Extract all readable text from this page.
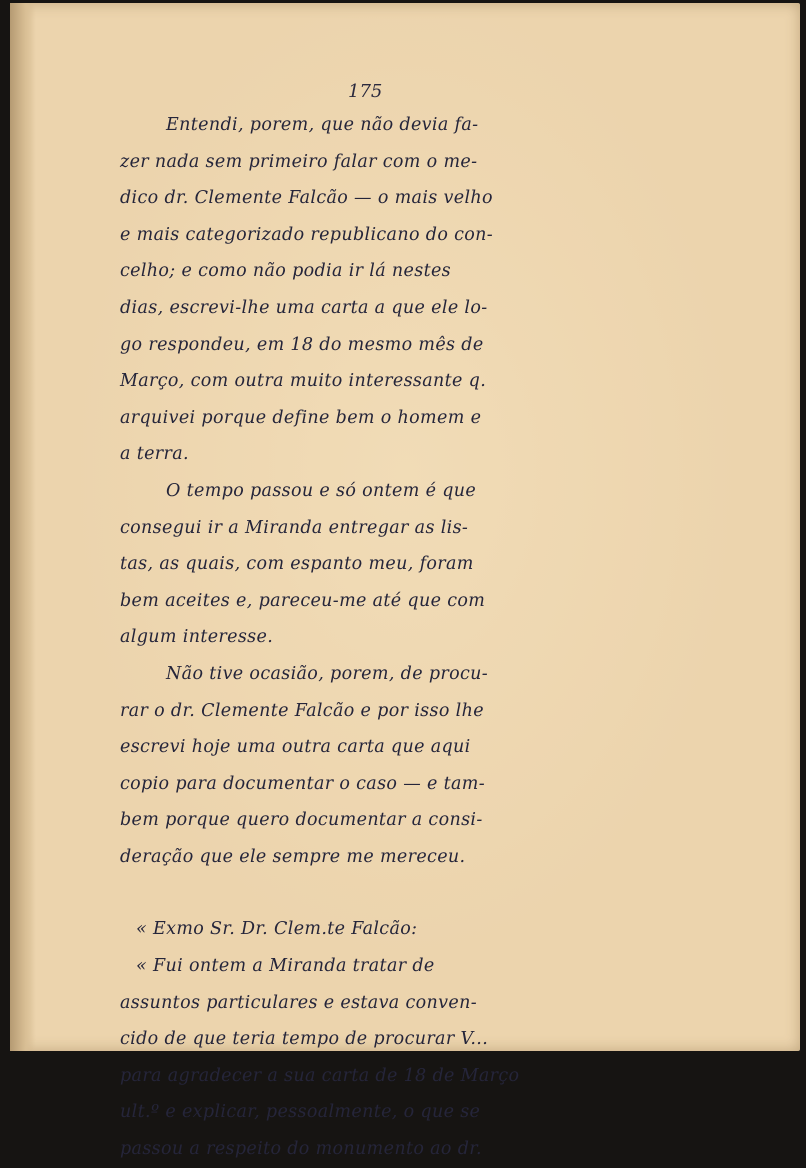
175
Entendi, porem, que não devia fa-
zer nada sem primeiro falar com o me-
dico dr. Clemente Falcão — o mais velho
e mais categorizado republicano do con-
celho; e como não podia ir lá nestes
dias, escrevi-lhe uma carta a que ele lo-
go respondeu, em 18 do mesmo mês de
Março, com outra muito interessante q.
arquivei porque define bem o homem e
a terra.
O tempo passou e só ontem é que
consegui ir a Miranda entregar as lis-
tas, as quais, com espanto meu, foram
bem aceites e, pareceu-me até que com
algum interesse.
Não tive ocasião, porem, de procu-
rar o dr. Clemente Falcão e por isso lhe
escrevi hoje uma outra carta que aqui
copio para documentar o caso — e tam-
bem porque quero documentar a consi-
deração que ele sempre me mereceu.
« Exmo Sr. Dr. Clem.te Falcão:
« Fui ontem a Miranda tratar de
assuntos particulares e estava conven-
cido de que teria tempo de procurar V...
para agradecer a sua carta de 18 de Março
ult.º e explicar, pessoalmente, o que se
passou a respeito do monumento ao dr.
